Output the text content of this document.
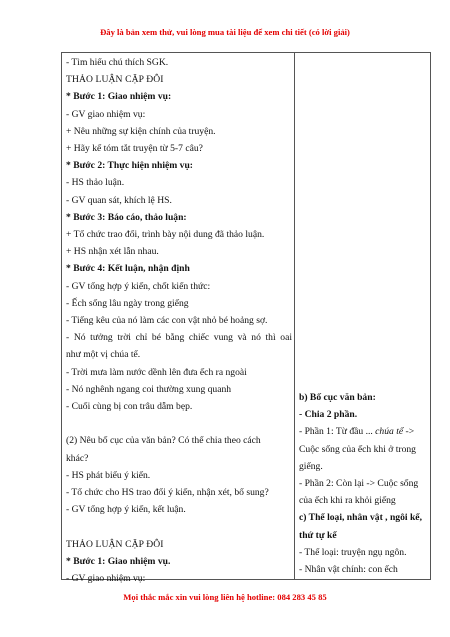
Đây là bản xem thử, vui lòng mua tài liệu để xem chi tiết (có lời giải)
- Tìm hiểu chú thích SGK.
THẢO LUẬN CẶP ĐÔI
* Bước 1: Giao nhiệm vụ:
- GV giao nhiệm vụ:
+ Nêu những sự kiện chính của truyện.
+ Hãy kể tóm tắt truyện từ 5-7 câu?
* Bước 2: Thực hiện nhiệm vụ:
- HS thảo luận.
- GV quan sát, khích lệ HS.
* Bước 3: Báo cáo, thảo luận:
+ Tổ chức trao đổi, trình bày nội dung đã thảo luận.
+ HS nhận xét lẫn nhau.
* Bước 4: Kết luận, nhận định
- GV tổng hợp ý kiến, chốt kiến thức:
- Ếch sống lâu ngày trong giếng
- Tiếng kêu của nó làm các con vật nhỏ bé hoảng sợ.
- Nó tưởng trời chỉ bé bằng chiếc vung và nó thì oai
như một vị chúa tể.
- Trời mưa làm nước dềnh lên đưa ếch ra ngoài
- Nó nghênh ngang coi thường xung quanh
- Cuối cùng bị con trâu dẫm bẹp.
(2) Nêu bố cục của văn bản? Có thể chia theo cách
khác?
- HS phát biểu ý kiến.
- Tổ chức cho HS trao đổi ý kiến, nhận xét, bổ sung?
- GV tổng hợp ý kiến, kết luận.
THẢO LUẬN CẶP ĐÔI
* Bước 1: Giao nhiệm vụ.
- GV giao nhiệm vụ:
b) Bố cục văn bản:
- Chia 2 phần.
- Phần 1: Từ đầu ... chúa tể ->
Cuộc sống của ếch khi ở trong
giếng.
- Phần 2: Còn lại -> Cuộc sống
của ếch khi ra khỏi giếng
c) Thể loại, nhân vật , ngôi kể,
thứ tự kể
- Thể loại: truyện ngụ ngôn.
- Nhân vật chính: con ếch
Mọi thắc mắc xin vui lòng liên hệ hotline: 084 283 45 85
